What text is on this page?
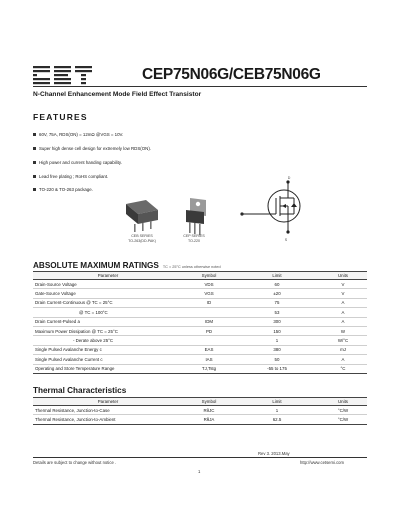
CEP75N06G/CEB75N06G
N-Channel Enhancement Mode Field Effect Transistor
FEATURES
60V, 75A, RDS(ON) = 12mΩ @VGS = 10V.
Super high dense cell design for extremely low RDS(ON).
High power and current handing capability.
Lead free plating ; RoHS compliant.
TO-220 & TO-263 package.
CEB SERIES
TO-263(DD-PAK)
CEP SERIES
TO-220
G
D
S
ABSOLUTE MAXIMUM RATINGS TC = 25°C unless otherwise noted
Parameter	Symbol	Limit	Units
Drain-Source Voltage	VDS	60	V
Gate-Source Voltage	VGS	±20	V
Drain Current-Continuous @ TC = 25°C	ID	75	A
@ TC = 100°C		53	A
Drain Current-Pulsed a	IDM	300	A
Maximum Power Dissipation @ TC = 25°C	PD	150	W
- Derate above 25°C		1	W/°C
Single Pulsed Avalanche Energy c	EAS	380	mJ
Single Pulsed Avalanche Current c	IAS	50	A
Operating and Store Temperature Range	TJ,Tstg	-55 to 175	°C
Thermal Characteristics
Parameter	Symbol	Limit	Units
Thermal Resistance, Junction-to-Case	RθJC	1	°C/W
Thermal Resistance, Junction-to-Ambient	RθJA	62.5	°C/W
Rev 3. 2013.May
Details are subject to change without notice .	http://www.cetsemi.com
1
